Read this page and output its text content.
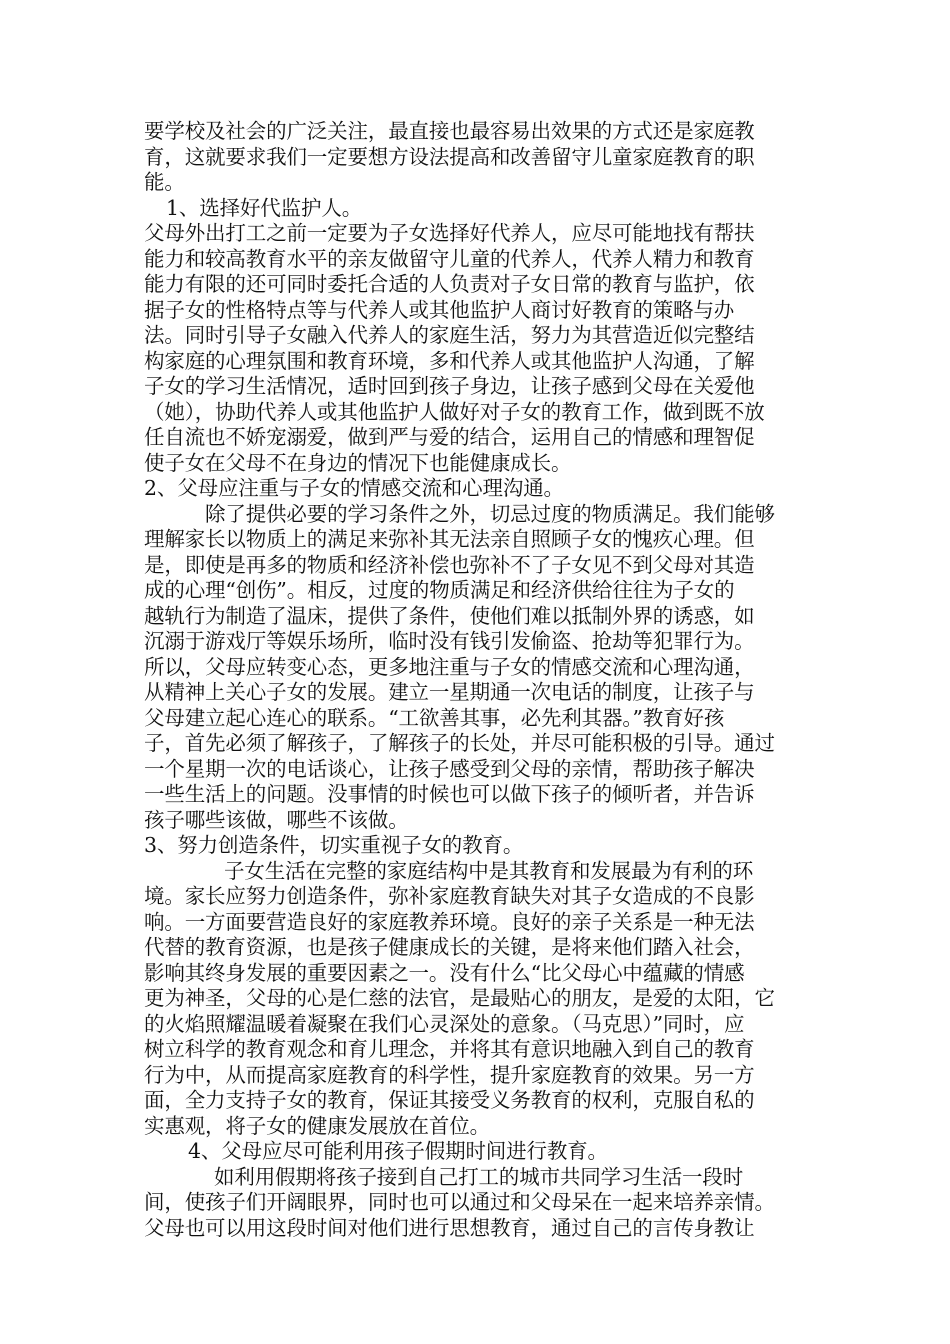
要学校及社会的广泛关注，最直接也最容易出效果的方式还是家庭教
育，这就要求我们一定要想方设法提高和改善留守儿童家庭教育的职
能。
1、选择好代监护人。
父母外出打工之前一定要为子女选择好代养人，应尽可能地找有帮扶
能力和较高教育水平的亲友做留守儿童的代养人，代养人精力和教育
能力有限的还可同时委托合适的人负责对子女日常的教育与监护，依
据子女的性格特点等与代养人或其他监护人商讨好教育的策略与办
法。同时引导子女融入代养人的家庭生活，努力为其营造近似完整结
构家庭的心理氛围和教育环境，多和代养人或其他监护人沟通，了解
子女的学习生活情况，适时回到孩子身边，让孩子感到父母在关爱他
（她），协助代养人或其他监护人做好对子女的教育工作，做到既不放
任自流也不娇宠溺爱，做到严与爱的结合，运用自己的情感和理智促
使子女在父母不在身边的情况下也能健康成长。
2、父母应注重与子女的情感交流和心理沟通。
除了提供必要的学习条件之外，切忌过度的物质满足。我们能够
理解家长以物质上的满足来弥补其无法亲自照顾子女的愧疚心理。但
是，即使是再多的物质和经济补偿也弥补不了子女见不到父母对其造
成的心理“创伤”。相反，过度的物质满足和经济供给往往为子女的
越轨行为制造了温床，提供了条件，使他们难以抵制外界的诱惑，如
沉溺于游戏厅等娱乐场所，临时没有钱引发偷盗、抢劫等犯罪行为。
所以，父母应转变心态，更多地注重与子女的情感交流和心理沟通，
从精神上关心子女的发展。建立一星期通一次电话的制度，让孩子与
父母建立起心连心的联系。“工欲善其事，必先利其器。”教育好孩
子，首先必须了解孩子，了解孩子的长处，并尽可能积极的引导。通过
一个星期一次的电话谈心，让孩子感受到父母的亲情，帮助孩子解决
一些生活上的问题。没事情的时候也可以做下孩子的倾听者，并告诉
孩子哪些该做，哪些不该做。
3、努力创造条件，切实重视子女的教育。
子女生活在完整的家庭结构中是其教育和发展最为有利的环
境。家长应努力创造条件，弥补家庭教育缺失对其子女造成的不良影
响。一方面要营造良好的家庭教养环境。良好的亲子关系是一种无法
代替的教育资源，也是孩子健康成长的关键，是将来他们踏入社会，
影响其终身发展的重要因素之一。没有什么“比父母心中蕴藏的情感
更为神圣，父母的心是仁慈的法官，是最贴心的朋友，是爱的太阳，它
的火焰照耀温暖着凝聚在我们心灵深处的意象。（马克思）”同时，应
树立科学的教育观念和育儿理念，并将其有意识地融入到自己的教育
行为中，从而提高家庭教育的科学性，提升家庭教育的效果。另一方
面，全力支持子女的教育，保证其接受义务教育的权利，克服自私的
实惠观，将子女的健康发展放在首位。
4、父母应尽可能利用孩子假期时间进行教育。
如利用假期将孩子接到自己打工的城市共同学习生活一段时
间，使孩子们开阔眼界，同时也可以通过和父母呆在一起来培养亲情。
父母也可以用这段时间对他们进行思想教育，通过自己的言传身教让
